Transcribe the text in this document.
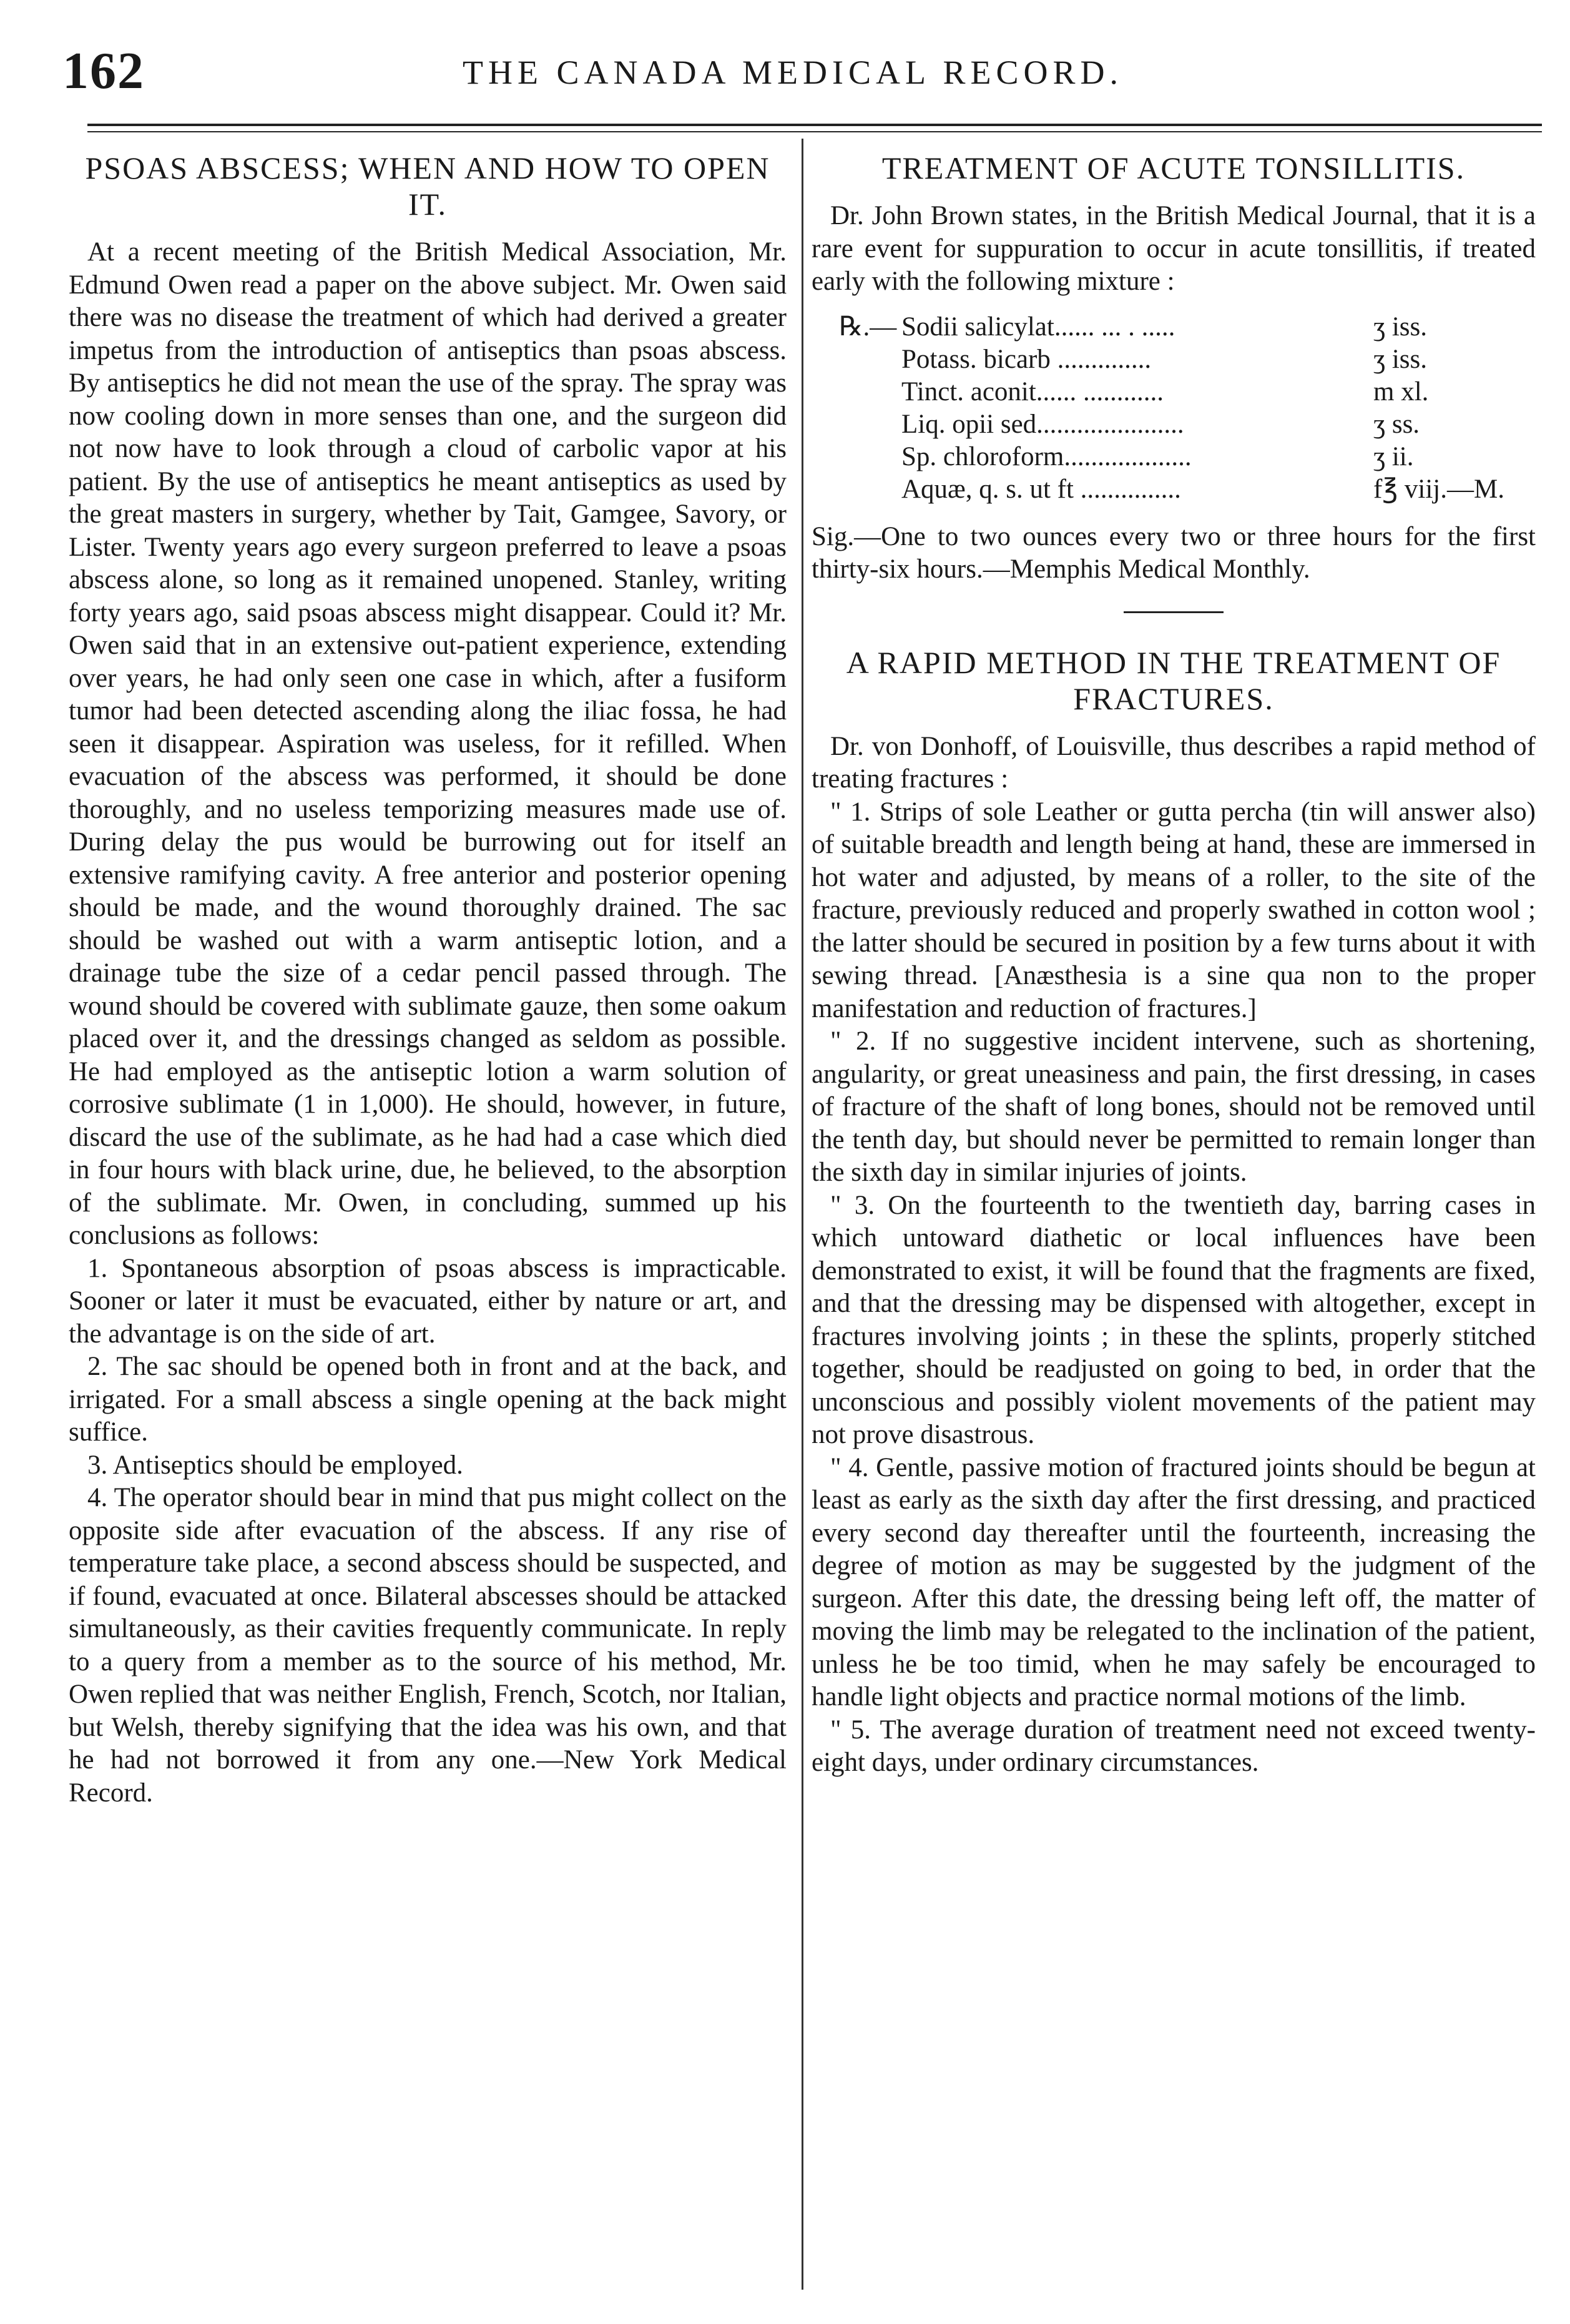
162	THE CANADA MEDICAL RECORD.
PSOAS ABSCESS; WHEN AND HOW TO OPEN IT.

At a recent meeting of the British Medical Association, Mr. Edmund Owen read a paper on the above subject. Mr. Owen said there was no disease the treatment of which had derived a greater impetus from the introduction of antiseptics than psoas abscess. By antiseptics he did not mean the use of the spray. The spray was now cooling down in more senses than one, and the surgeon did not now have to look through a cloud of carbolic vapor at his patient. By the use of antiseptics he meant antiseptics as used by the great masters in surgery, whether by Tait, Gamgee, Savory, or Lister. Twenty years ago every surgeon preferred to leave a psoas abscess alone, so long as it remained unopened. Stanley, writing forty years ago, said psoas abscess might disappear. Could it? Mr. Owen said that in an extensive out-patient experience, extending over years, he had only seen one case in which, after a fusiform tumor had been detected ascending along the iliac fossa, he had seen it disappear. Aspiration was useless, for it refilled. When evacuation of the abscess was performed, it should be done thoroughly, and no useless temporizing measures made use of. During delay the pus would be burrowing out for itself an extensive ramifying cavity. A free anterior and posterior opening should be made, and the wound thoroughly drained. The sac should be washed out with a warm antiseptic lotion, and a drainage tube the size of a cedar pencil passed through. The wound should be covered with sublimate gauze, then some oakum placed over it, and the dressings changed as seldom as possible. He had employed as the antiseptic lotion a warm solution of corrosive sublimate (1 in 1,000). He should, however, in future, discard the use of the sublimate, as he had had a case which died in four hours with black urine, due, he believed, to the absorption of the sublimate. Mr. Owen, in concluding, summed up his conclusions as follows:

1. Spontaneous absorption of psoas abscess is impracticable. Sooner or later it must be evacuated, either by nature or art, and the advantage is on the side of art.

2. The sac should be opened both in front and at the back, and irrigated. For a small abscess a single opening at the back might suffice.

3. Antiseptics should be employed.

4. The operator should bear in mind that pus might collect on the opposite side after evacuation of the abscess. If any rise of temperature take place, a second abscess should be suspected, and if found, evacuated at once. Bilateral abscesses should be attacked simultaneously, as their cavities frequently communicate. In reply to a query from a member as to the source of his method, Mr. Owen replied that was neither English, French, Scotch, nor Italian, but Welsh, thereby signifying that the idea was his own, and that he had not borrowed it from any one.—New York Medical Record.

TREATMENT OF ACUTE TONSILLITIS.

Dr. John Brown states, in the British Medical Journal, that it is a rare event for suppuration to occur in acute tonsillitis, if treated early with the following mixture :

℞.— Sodii salicylat...... ... . .....	ʒ iss.
Potass. bicarb ..............	ʒ iss.
Tinct. aconit...... ............	m xl.
Liq. opii sed......................	ʒ ss.
Sp. chloroform...................	ʒ ii.
Aquæ, q. s. ut ft ...............	f℥ viij.—M.

Sig.—One to two ounces every two or three hours for the first thirty-six hours.—Memphis Medical Monthly.

A RAPID METHOD IN THE TREATMENT OF FRACTURES.

Dr. von Donhoff, of Louisville, thus describes a rapid method of treating fractures :

" 1. Strips of sole Leather or gutta percha (tin will answer also) of suitable breadth and length being at hand, these are immersed in hot water and adjusted, by means of a roller, to the site of the fracture, previously reduced and properly swathed in cotton wool ; the latter should be secured in position by a few turns about it with sewing thread. [Anæsthesia is a sine qua non to the proper manifestation and reduction of fractures.]

" 2. If no suggestive incident intervene, such as shortening, angularity, or great uneasiness and pain, the first dressing, in cases of fracture of the shaft of long bones, should not be removed until the tenth day, but should never be permitted to remain longer than the sixth day in similar injuries of joints.

" 3. On the fourteenth to the twentieth day, barring cases in which untoward diathetic or local influences have been demonstrated to exist, it will be found that the fragments are fixed, and that the dressing may be dispensed with altogether, except in fractures involving joints ; in these the splints, properly stitched together, should be readjusted on going to bed, in order that the unconscious and possibly violent movements of the patient may not prove disastrous.

" 4. Gentle, passive motion of fractured joints should be begun at least as early as the sixth day after the first dressing, and practiced every second day thereafter until the fourteenth, increasing the degree of motion as may be suggested by the judgment of the surgeon. After this date, the dressing being left off, the matter of moving the limb may be relegated to the inclination of the patient, unless he be too timid, when he may safely be encouraged to handle light objects and practice normal motions of the limb.

" 5. The average duration of treatment need not exceed twenty-eight days, under ordinary circumstances.
